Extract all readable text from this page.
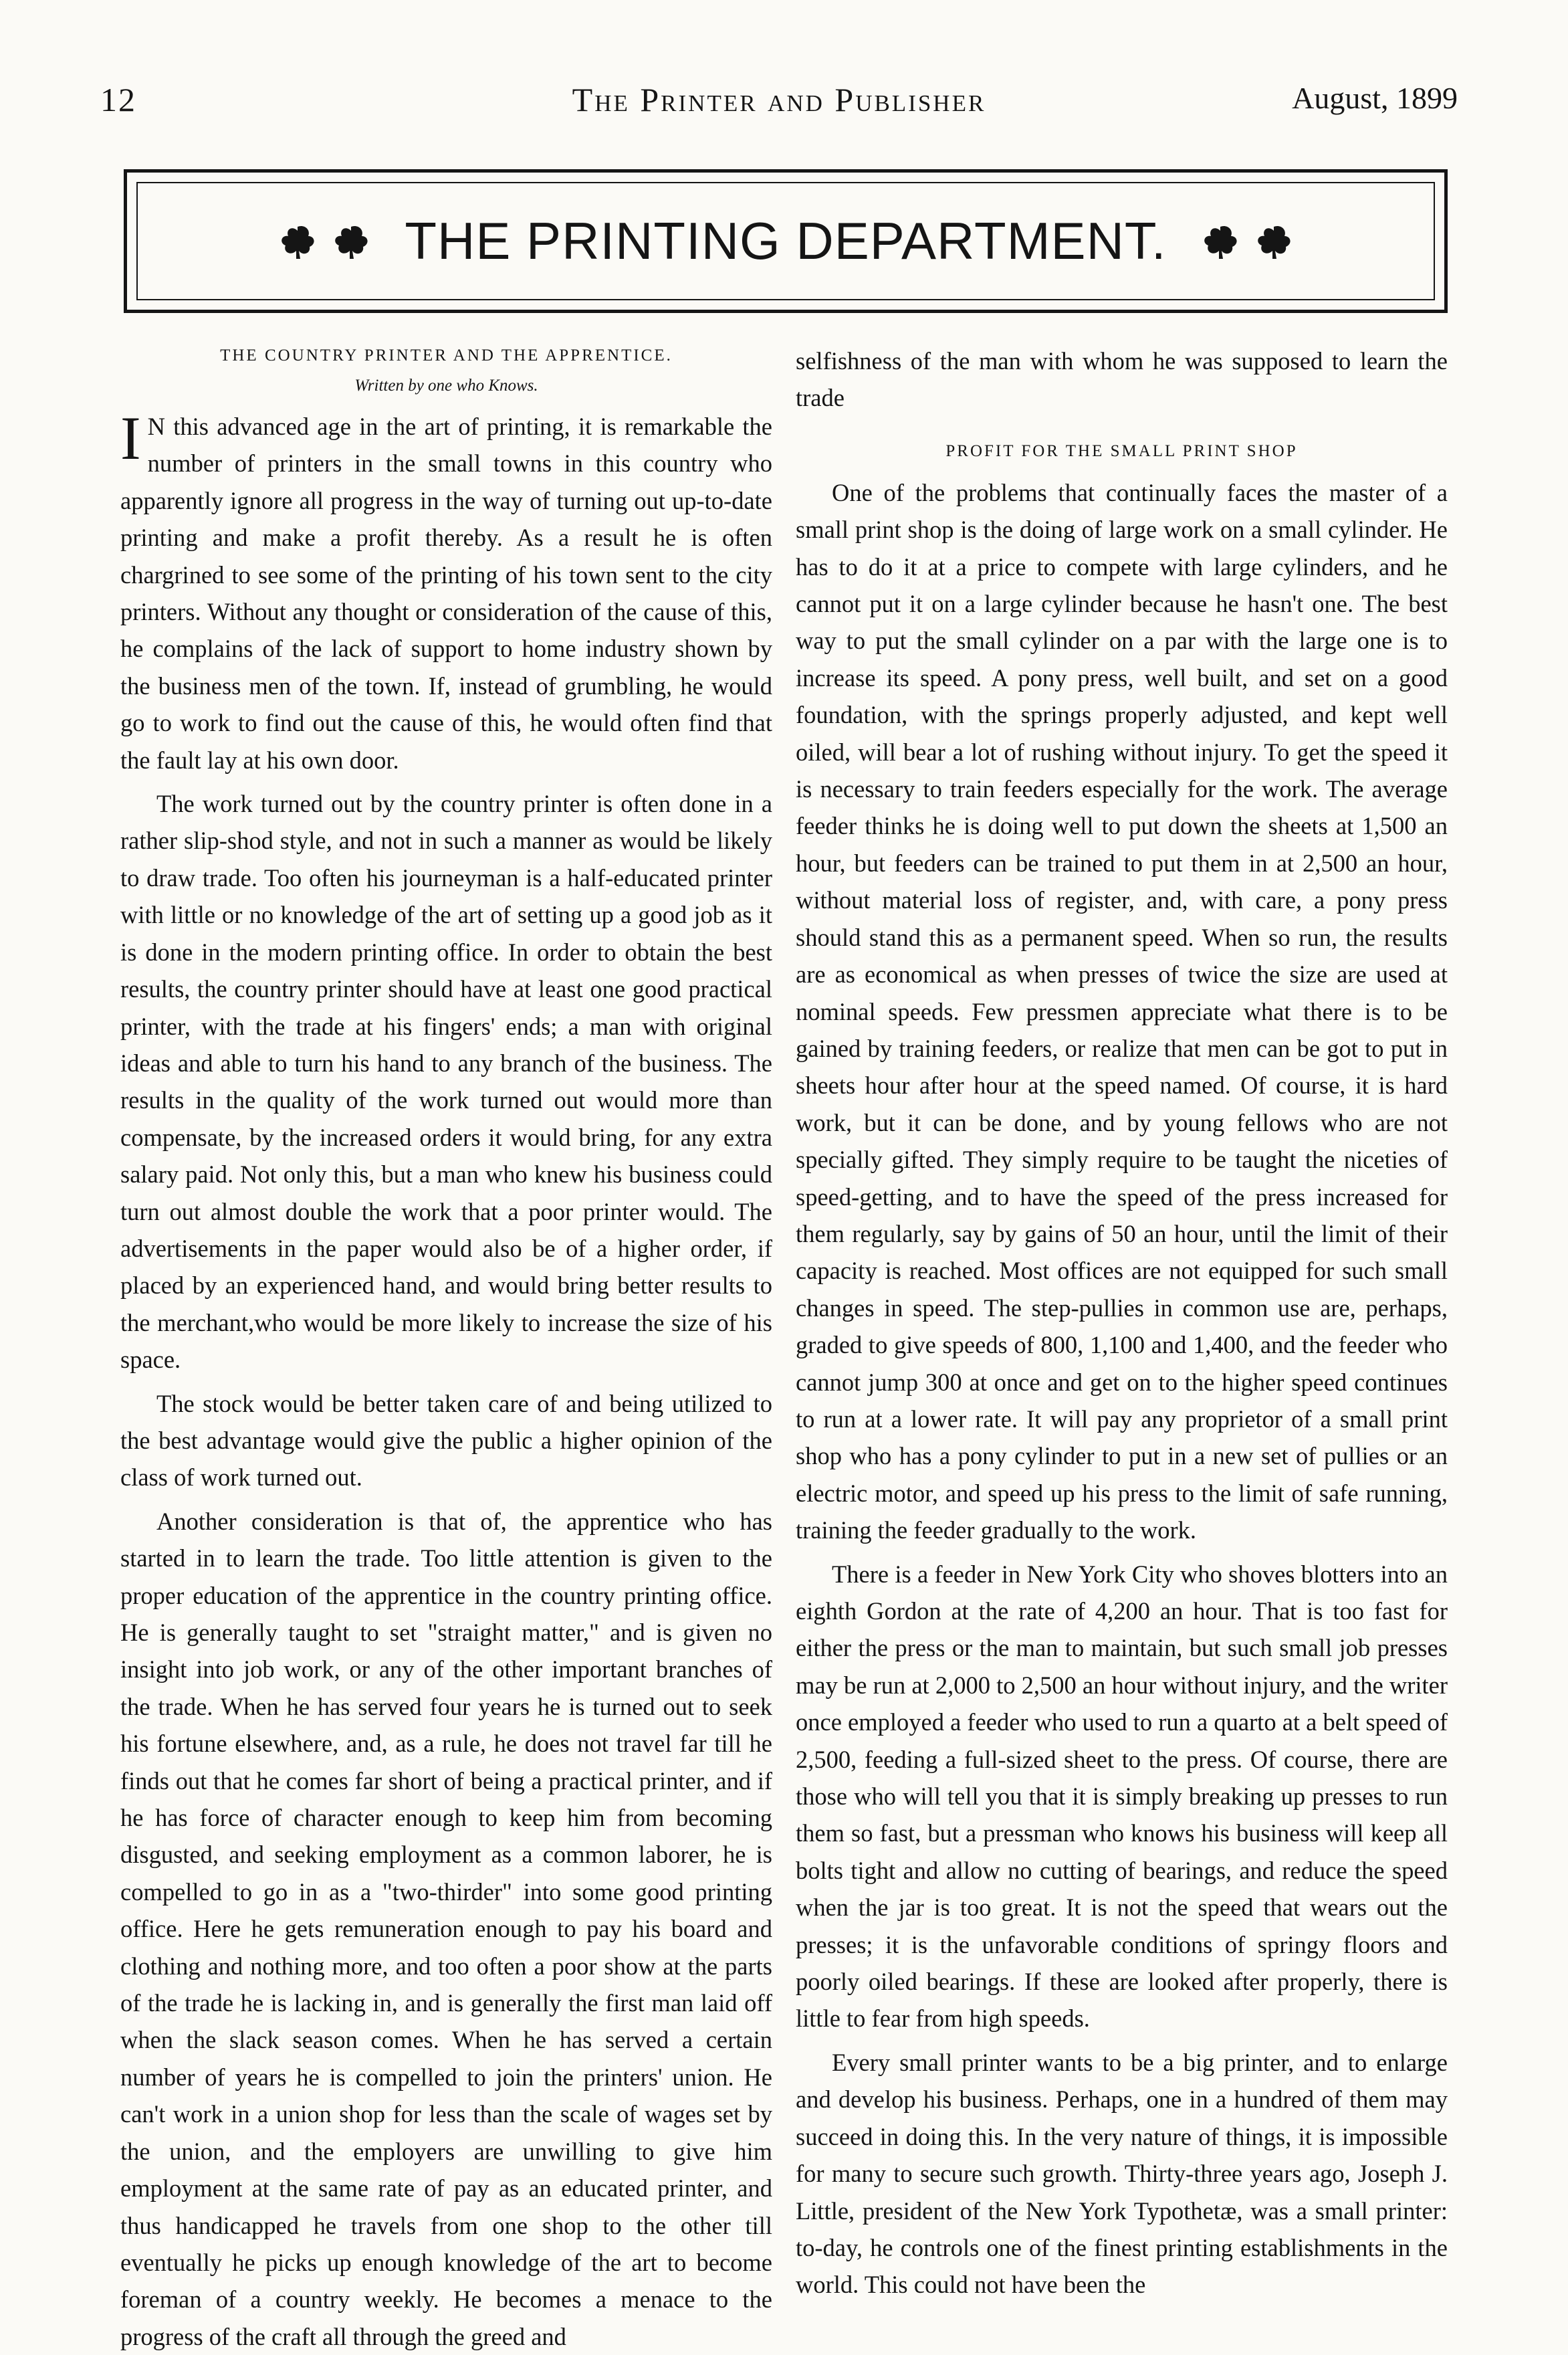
12	The Printer and Publisher	August, 1899
THE PRINTING DEPARTMENT.
THE COUNTRY PRINTER AND THE APPRENTICE.
Written by one who Knows.

I N this advanced age in the art of printing, it is remarkable the number of printers in the small towns in this country who apparently ignore all progress in the way of turning out up-to-date printing and make a profit thereby. As a result he is often chargrined to see some of the printing of his town sent to the city printers. Without any thought or consideration of the cause of this, he complains of the lack of support to home industry shown by the business men of the town. If, instead of grumbling, he would go to work to find out the cause of this, he would often find that the fault lay at his own door.

The work turned out by the country printer is often done in a rather slip-shod style, and not in such a manner as would be likely to draw trade. Too often his journeyman is a half-educated printer with little or no knowledge of the art of setting up a good job as it is done in the modern printing office. In order to obtain the best results, the country printer should have at least one good practical printer, with the trade at his fingers' ends; a man with original ideas and able to turn his hand to any branch of the business. The results in the quality of the work turned out would more than compensate, by the increased orders it would bring, for any extra salary paid. Not only this, but a man who knew his business could turn out almost double the work that a poor printer would. The advertisements in the paper would also be of a higher order, if placed by an experienced hand, and would bring better results to the merchant,who would be more likely to increase the size of his space.

The stock would be better taken care of and being utilized to the best advantage would give the public a higher opinion of the class of work turned out.

Another consideration is that of, the apprentice who has started in to learn the trade. Too little attention is given to the proper education of the apprentice in the country printing office. He is generally taught to set "straight matter," and is given no insight into job work, or any of the other important branches of the trade. When he has served four years he is turned out to seek his fortune elsewhere, and, as a rule, he does not travel far till he finds out that he comes far short of being a practical printer, and if he has force of character enough to keep him from becoming disgusted, and seeking employment as a common laborer, he is compelled to go in as a "two-thirder" into some good printing office. Here he gets remuneration enough to pay his board and clothing and nothing more, and too often a poor show at the parts of the trade he is lacking in, and is generally the first man laid off when the slack season comes. When he has served a certain number of years he is compelled to join the printers' union. He can't work in a union shop for less than the scale of wages set by the union, and the employers are unwilling to give him employment at the same rate of pay as an educated printer, and thus handicapped he travels from one shop to the other till eventually he picks up enough knowledge of the art to become foreman of a country weekly. He becomes a menace to the progress of the craft all through the greed and

selfishness of the man with whom he was supposed to learn the trade

PROFIT FOR THE SMALL PRINT SHOP

One of the problems that continually faces the master of a small print shop is the doing of large work on a small cylinder. He has to do it at a price to compete with large cylinders, and he cannot put it on a large cylinder because he hasn't one. The best way to put the small cylinder on a par with the large one is to increase its speed. A pony press, well built, and set on a good foundation, with the springs properly adjusted, and kept well oiled, will bear a lot of rushing without injury. To get the speed it is necessary to train feeders especially for the work. The average feeder thinks he is doing well to put down the sheets at 1,500 an hour, but feeders can be trained to put them in at 2,500 an hour, without material loss of register, and, with care, a pony press should stand this as a permanent speed. When so run, the results are as economical as when presses of twice the size are used at nominal speeds. Few pressmen appreciate what there is to be gained by training feeders, or realize that men can be got to put in sheets hour after hour at the speed named. Of course, it is hard work, but it can be done, and by young fellows who are not specially gifted. They simply require to be taught the niceties of speed-getting, and to have the speed of the press increased for them regularly, say by gains of 50 an hour, until the limit of their capacity is reached. Most offices are not equipped for such small changes in speed. The step-pullies in common use are, perhaps, graded to give speeds of 800, 1,100 and 1,400, and the feeder who cannot jump 300 at once and get on to the higher speed continues to run at a lower rate. It will pay any proprietor of a small print shop who has a pony cylinder to put in a new set of pullies or an electric motor, and speed up his press to the limit of safe running, training the feeder gradually to the work.

There is a feeder in New York City who shoves blotters into an eighth Gordon at the rate of 4,200 an hour. That is too fast for either the press or the man to maintain, but such small job presses may be run at 2,000 to 2,500 an hour without injury, and the writer once employed a feeder who used to run a quarto at a belt speed of 2,500, feeding a full-sized sheet to the press. Of course, there are those who will tell you that it is simply breaking up presses to run them so fast, but a pressman who knows his business will keep all bolts tight and allow no cutting of bearings, and reduce the speed when the jar is too great. It is not the speed that wears out the presses; it is the unfavorable conditions of springy floors and poorly oiled bearings. If these are looked after properly, there is little to fear from high speeds.

Every small printer wants to be a big printer, and to enlarge and develop his business. Perhaps, one in a hundred of them may succeed in doing this. In the very nature of things, it is impossible for many to secure such growth. Thirty-three years ago, Joseph J. Little, president of the New York Typothetæ, was a small printer: to-day, he controls one of the finest printing establishments in the world. This could not have been the
